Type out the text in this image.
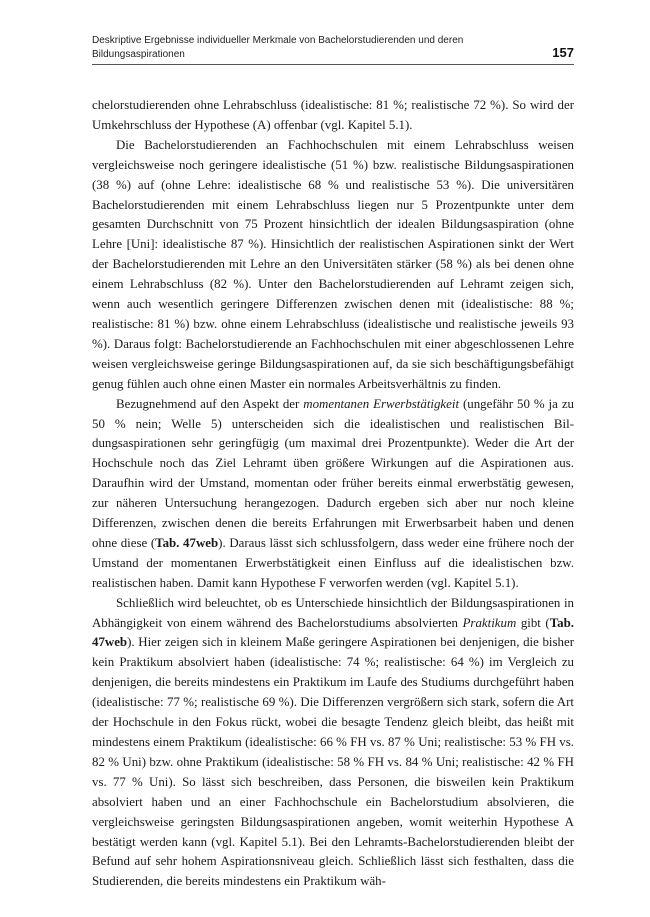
Deskriptive Ergebnisse individueller Merkmale von Bachelorstudierenden und deren Bildungsaspirationen	157

chelorstudierenden ohne Lehrabschluss (idealistische: 81 %; realistische 72 %). So wird der Umkehrschluss der Hypothese (A) offenbar (vgl. Kapitel 5.1).

Die Bachelorstudierenden an Fachhochschulen mit einem Lehrabschluss weisen vergleichsweise noch geringere idealistische (51 %) bzw. realistische Bildungsaspirationen (38 %) auf (ohne Lehre: idealistische 68 % und realistische 53 %). Die universitären Bachelorstudierenden mit einem Lehrabschluss liegen nur 5 Prozentpunkte unter dem gesamten Durchschnitt von 75 Prozent hinsichtlich der idealen Bildungsaspiration (ohne Lehre [Uni]: idealistische 87 %). Hinsichtlich der realistischen Aspirationen sinkt der Wert der Bachelorstudierenden mit Lehre an den Universitäten stärker (58 %) als bei denen ohne einem Lehrabschluss (82 %). Unter den Bachelorstudierenden auf Lehramt zeigen sich, wenn auch wesentlich geringere Differenzen zwischen denen mit (idealistische: 88 %; realistische: 81 %) bzw. ohne einem Lehrabschluss (idealistische und realistische jeweils 93 %). Daraus folgt: Bachelorstudierende an Fachhochschulen mit einer abgeschlossenen Lehre weisen vergleichsweise geringe Bildungsaspirationen auf, da sie sich beschäftigungsbefähigt genug fühlen auch ohne einen Master ein normales Arbeitsverhältnis zu finden.

Bezugnehmend auf den Aspekt der momentanen Erwerbstätigkeit (ungefähr 50 % ja zu 50 % nein; Welle 5) unterscheiden sich die idealistischen und realistischen Bildungsaspirationen sehr geringfügig (um maximal drei Prozentpunkte). Weder die Art der Hochschule noch das Ziel Lehramt üben größere Wirkungen auf die Aspirationen aus. Daraufhin wird der Umstand, momentan oder früher bereits einmal erwerbstätig gewesen, zur näheren Untersuchung herangezogen. Dadurch ergeben sich aber nur noch kleine Differenzen, zwischen denen die bereits Erfahrungen mit Erwerbsarbeit haben und denen ohne diese (Tab. 47web). Daraus lässt sich schlussfolgern, dass weder eine frühere noch der Umstand der momentanen Erwerbstätigkeit einen Einfluss auf die idealistischen bzw. realistischen haben. Damit kann Hypothese F verworfen werden (vgl. Kapitel 5.1).

Schließlich wird beleuchtet, ob es Unterschiede hinsichtlich der Bildungsaspirationen in Abhängigkeit von einem während des Bachelorstudiums absolvierten Praktikum gibt (Tab. 47web). Hier zeigen sich in kleinem Maße geringere Aspirationen bei denjenigen, die bisher kein Praktikum absolviert haben (idealistische: 74 %; realistische: 64 %) im Vergleich zu denjenigen, die bereits mindestens ein Praktikum im Laufe des Studiums durchgeführt haben (idealistische: 77 %; realistische 69 %). Die Differenzen vergrößern sich stark, sofern die Art der Hochschule in den Fokus rückt, wobei die besagte Tendenz gleich bleibt, das heißt mit mindestens einem Praktikum (idealistische: 66 % FH vs. 87 % Uni; realistische: 53 % FH vs. 82 % Uni) bzw. ohne Praktikum (idealistische: 58 % FH vs. 84 % Uni; realistische: 42 % FH vs. 77 % Uni). So lässt sich beschreiben, dass Personen, die bisweilen kein Praktikum absolviert haben und an einer Fachhochschule ein Bachelorstudium absolvieren, die vergleichsweise geringsten Bildungsaspirationen angeben, womit weiterhin Hypothese A bestätigt werden kann (vgl. Kapitel 5.1). Bei den Lehramts-Bachelorstudierenden bleibt der Befund auf sehr hohem Aspirationsniveau gleich. Schließlich lässt sich festhalten, dass die Studierenden, die bereits mindestens ein Praktikum wäh-
